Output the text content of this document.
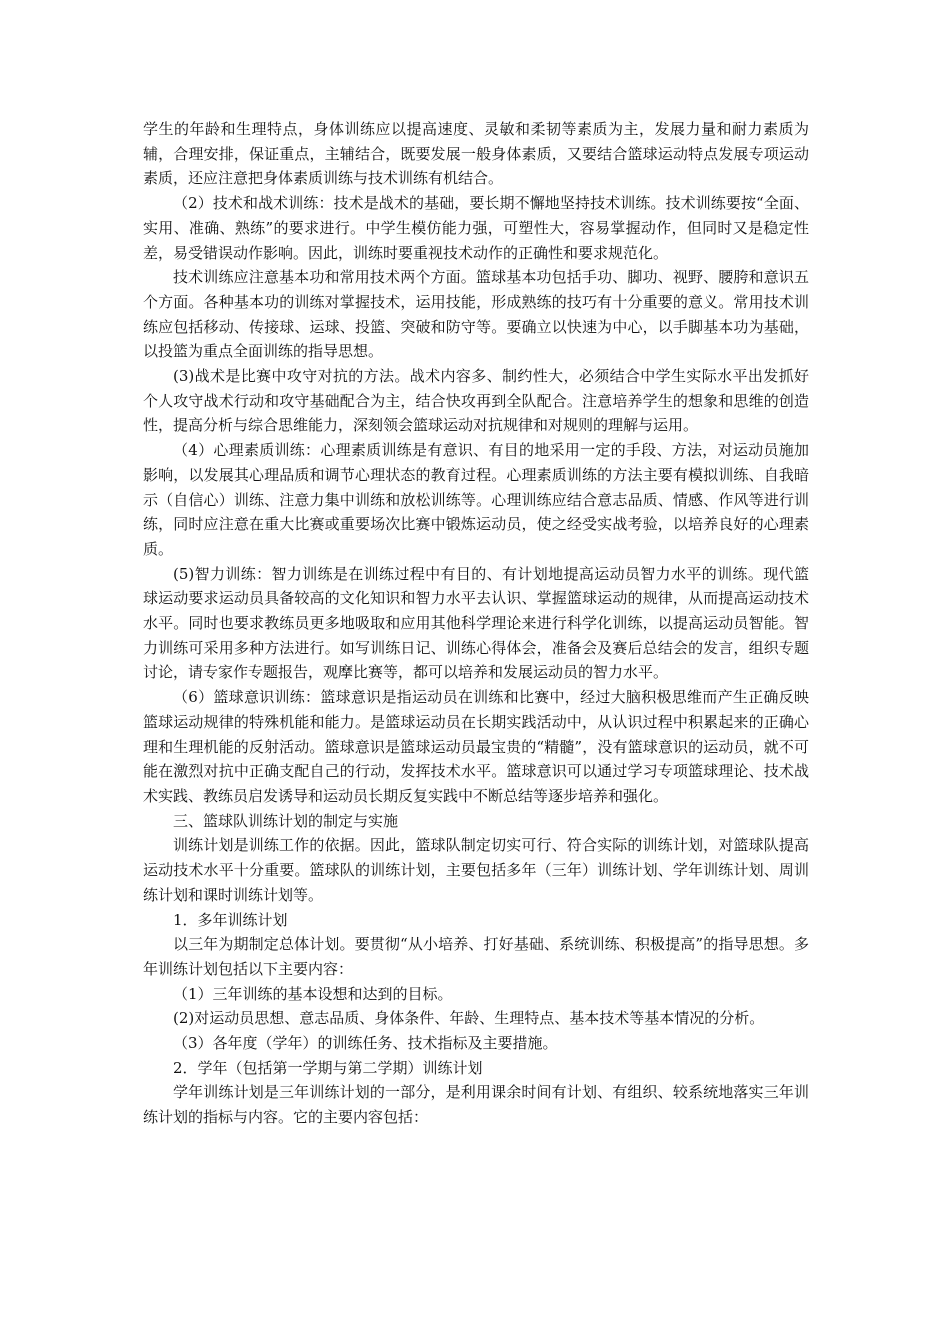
学生的年龄和生理特点，身体训练应以提高速度、灵敏和柔韧等素质为主，发展力量和耐力素质为辅，合理安排，保证重点，主辅结合，既要发展一般身体素质，又要结合篮球运动特点发展专项运动素质，还应注意把身体素质训练与技术训练有机结合。

（2）技术和战术训练：技术是战术的基础，要长期不懈地坚持技术训练。技术训练要按“全面、实用、准确、熟练”的要求进行。中学生模仿能力强，可塑性大，容易掌握动作，但同时又是稳定性差，易受错误动作影响。因此，训练时要重视技术动作的正确性和要求规范化。

技术训练应注意基本功和常用技术两个方面。篮球基本功包括手功、脚功、视野、腰胯和意识五个方面。各种基本功的训练对掌握技术，运用技能，形成熟练的技巧有十分重要的意义。常用技术训练应包括移动、传接球、运球、投篮、突破和防守等。要确立以快速为中心，以手脚基本功为基础，以投篮为重点全面训练的指导思想。

(3)战术是比赛中攻守对抗的方法。战术内容多、制约性大，必须结合中学生实际水平出发抓好个人攻守战术行动和攻守基础配合为主，结合快攻再到全队配合。注意培养学生的想象和思维的创造性，提高分析与综合思维能力，深刻领会篮球运动对抗规律和对规则的理解与运用。

（4）心理素质训练：心理素质训练是有意识、有目的地采用一定的手段、方法，对运动员施加影响，以发展其心理品质和调节心理状态的教育过程。心理素质训练的方法主要有模拟训练、自我暗示（自信心）训练、注意力集中训练和放松训练等。心理训练应结合意志品质、情感、作风等进行训练，同时应注意在重大比赛或重要场次比赛中锻炼运动员，使之经受实战考验，以培养良好的心理素质。

(5)智力训练：智力训练是在训练过程中有目的、有计划地提高运动员智力水平的训练。现代篮球运动要求运动员具备较高的文化知识和智力水平去认识、掌握篮球运动的规律，从而提高运动技术水平。同时也要求教练员更多地吸取和应用其他科学理论来进行科学化训练，以提高运动员智能。智力训练可采用多种方法进行。如写训练日记、训练心得体会，准备会及赛后总结会的发言，组织专题讨论，请专家作专题报告，观摩比赛等，都可以培养和发展运动员的智力水平。

（6）篮球意识训练：篮球意识是指运动员在训练和比赛中，经过大脑积极思维而产生正确反映篮球运动规律的特殊机能和能力。是篮球运动员在长期实践活动中，从认识过程中积累起来的正确心理和生理机能的反射活动。篮球意识是篮球运动员最宝贵的“精髓”，没有篮球意识的运动员，就不可能在激烈对抗中正确支配自己的行动，发挥技术水平。篮球意识可以通过学习专项篮球理论、技术战术实践、教练员启发诱导和运动员长期反复实践中不断总结等逐步培养和强化。

三、篮球队训练计划的制定与实施

训练计划是训练工作的依据。因此，篮球队制定切实可行、符合实际的训练计划，对篮球队提高运动技术水平十分重要。篮球队的训练计划，主要包括多年（三年）训练计划、学年训练计划、周训练计划和课时训练计划等。

1．多年训练计划

以三年为期制定总体计划。要贯彻“从小培养、打好基础、系统训练、积极提高”的指导思想。多年训练计划包括以下主要内容：

（1）三年训练的基本设想和达到的目标。

(2)对运动员思想、意志品质、身体条件、年龄、生理特点、基本技术等基本情况的分析。

（3）各年度（学年）的训练任务、技术指标及主要措施。

2．学年（包括第一学期与第二学期）训练计划

学年训练计划是三年训练计划的一部分，是利用课余时间有计划、有组织、较系统地落实三年训练计划的指标与内容。它的主要内容包括：
